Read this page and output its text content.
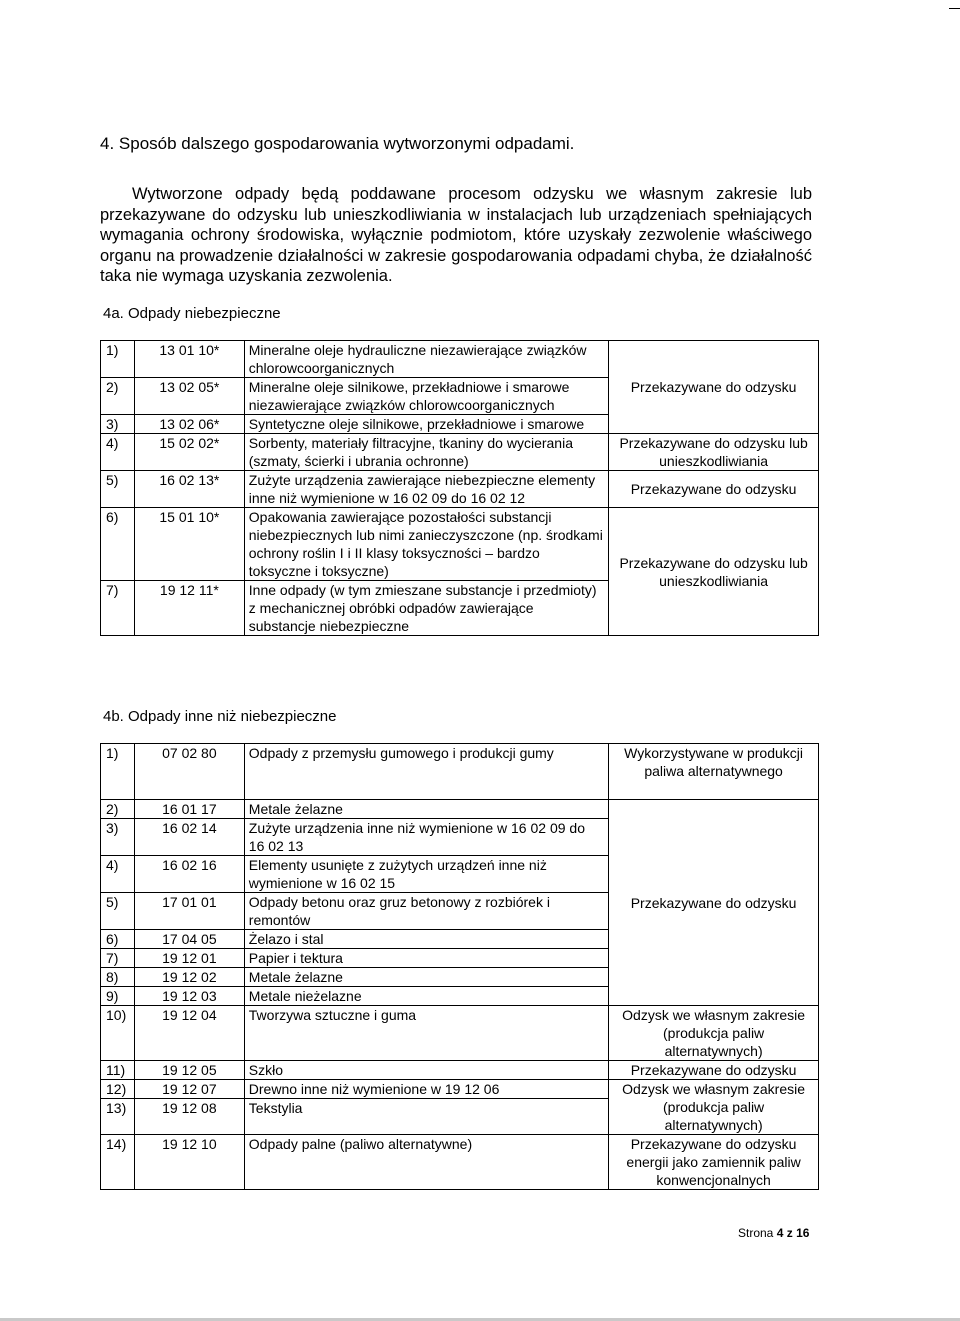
4. Sposób dalszego gospodarowania wytworzonymi odpadami.
Wytworzone odpady będą poddawane procesom odzysku we własnym zakresie lub przekazywane do odzysku lub unieszkodliwiania w instalacjach lub urządzeniach spełniających wymagania ochrony środowiska, wyłącznie podmiotom, które uzyskały zezwolenie właściwego organu na prowadzenie działalności w zakresie gospodarowania odpadami chyba, że działalność taka nie wymaga uzyskania zezwolenia.
4a. Odpady niebezpieczne
1)	13 01 10*	Mineralne oleje hydrauliczne niezawierające związków chlorowcoorganicznych	Przekazywane do odzysku
2)	13 02 05*	Mineralne oleje silnikowe, przekładniowe i smarowe niezawierające związków chlorowcoorganicznych	
3)	13 02 06*	Syntetyczne oleje silnikowe, przekładniowe i smarowe	
4)	15 02 02*	Sorbenty, materiały filtracyjne, tkaniny do wycierania (szmaty, ścierki i ubrania ochronne)	Przekazywane do odzysku lub unieszkodliwiania
5)	16 02 13*	Zużyte urządzenia zawierające niebezpieczne elementy inne niż wymienione w 16 02 09 do 16 02 12	Przekazywane do odzysku
6)	15 01 10*	Opakowania zawierające pozostałości substancji niebezpiecznych lub nimi zanieczyszczone (np. środkami ochrony roślin I i II klasy toksyczności – bardzo toksyczne i toksyczne)	Przekazywane do odzysku lub unieszkodliwiania
7)	19 12 11*	Inne odpady (w tym zmieszane substancje i przedmioty) z mechanicznej obróbki odpadów zawierające substancje niebezpieczne	
4b. Odpady inne niż niebezpieczne
1)	07 02 80	Odpady z przemysłu gumowego i produkcji gumy	Wykorzystywane w produkcji paliwa alternatywnego
2)	16 01 17	Metale żelazne	Przekazywane do odzysku
3)	16 02 14	Zużyte urządzenia inne niż wymienione w 16 02 09 do 16 02 13	
4)	16 02 16	Elementy usunięte z zużytych urządzeń inne niż wymienione w 16 02 15	
5)	17 01 01	Odpady betonu oraz gruz betonowy z rozbiórek i remontów	
6)	17 04 05	Żelazo i stal	
7)	19 12 01	Papier i tektura	
8)	19 12 02	Metale żelazne	
9)	19 12 03	Metale nieżelazne	
10)	19 12 04	Tworzywa sztuczne i guma	Odzysk we własnym zakresie (produkcja paliw alternatywnych)
11)	19 12 05	Szkło	Przekazywane do odzysku
12)	19 12 07	Drewno inne niż wymienione w 19 12 06	Odzysk we własnym zakresie (produkcja paliw alternatywnych)
13)	19 12 08	Tekstylia	
14)	19 12 10	Odpady palne (paliwo alternatywne)	Przekazywane do odzysku energii jako zamiennik paliw konwencjonalnych
Strona 4 z 16
